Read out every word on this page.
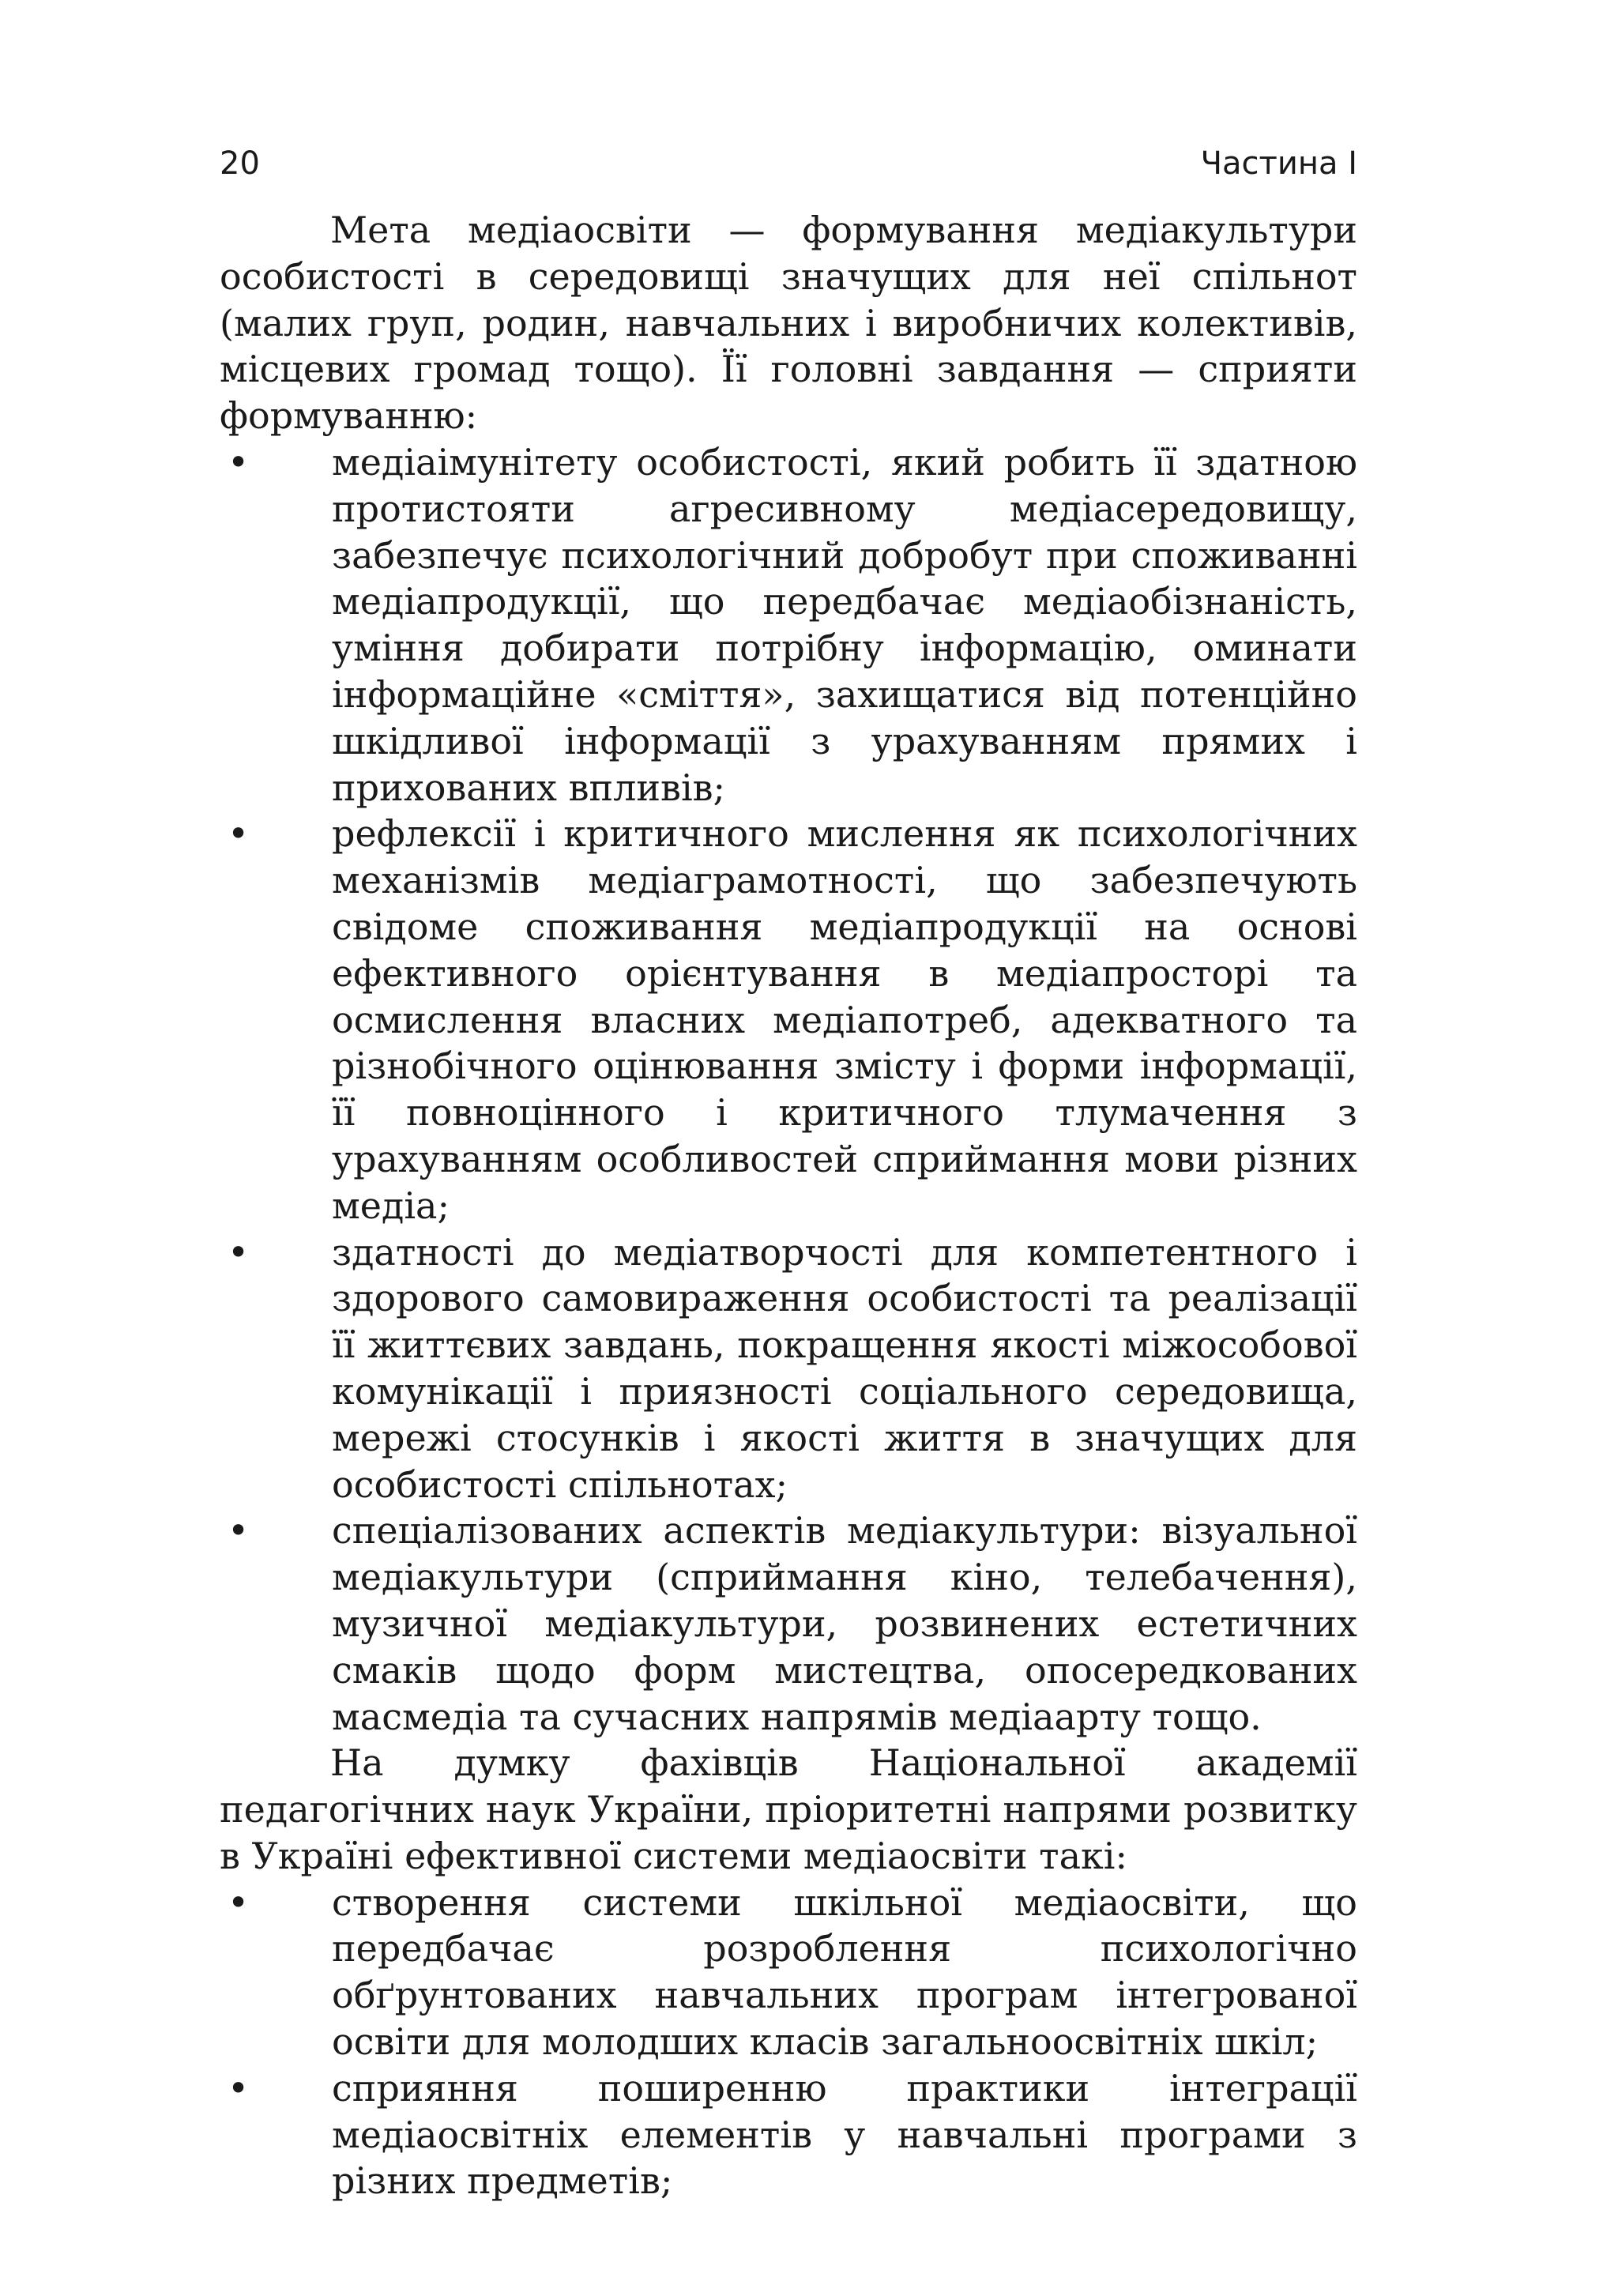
20	Частина І

Мета медіаосвіти — формування медіакультури особистості в середовищі значущих для неї спільнот (малих груп, родин, навчальних і виробничих колективів, місцевих громад тощо). Її головні завдання — сприяти формуванню:

• медіаімунітету особистості, який робить її здатною протистояти агресивному медіасередовищу, забезпечує психологічний добробут при споживанні медіапродукції, що передбачає медіаобізнаність, уміння добирати потрібну інформацію, оминати інформаційне «сміття», захищатися від потенційно шкідливої інформації з урахуванням прямих і прихованих впливів;
• рефлексії і критичного мислення як психологічних механізмів медіаграмотності, що забезпечують свідоме споживання медіапродукції на основі ефективного орієнтування в медіапросторі та осмислення власних медіапотреб, адекватного та різнобічного оцінювання змісту і форми інформації, її повноцінного і критичного тлумачення з урахуванням особливостей сприймання мови різних медіа;
• здатності до медіатворчості для компетентного і здорового самовираження особистості та реалізації її життєвих завдань, покращення якості міжособової комунікації і приязності соціального середовища, мережі стосунків і якості життя в значущих для особистості спільнотах;
• спеціалізованих аспектів медіакультури: візуальної медіакультури (сприймання кіно, телебачення), музичної медіакультури, розвинених естетичних смаків щодо форм мистецтва, опосередкованих масмедіа та сучасних напрямів медіаарту тощо.

На думку фахівців Національної академії педагогічних наук України, пріоритетні напрями розвитку в Україні ефективної системи медіаосвіти такі:

• створення системи шкільної медіаосвіти, що передбачає розроблення психологічно обґрунтованих навчальних програм інтегрованої освіти для молодших класів загальноосвітніх шкіл;
• сприяння поширенню практики інтеграції медіаосвітніх елементів у навчальні програми з різних предметів;
